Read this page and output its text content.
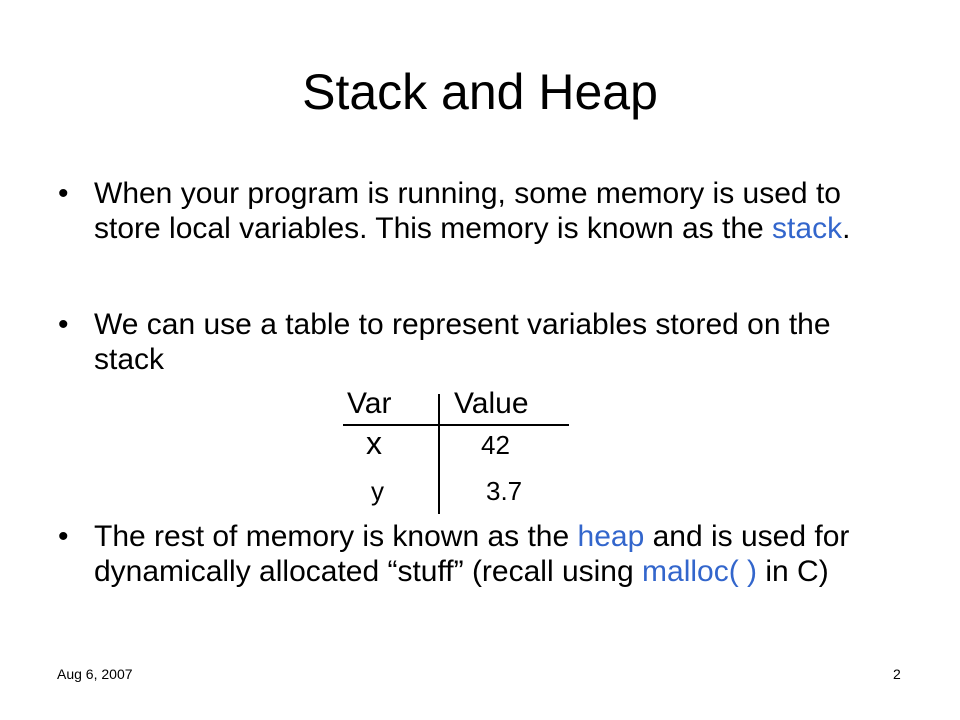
Stack and Heap
• When your program is running, some memory is used to store local variables. This memory is known as the stack.
• We can use a table to represent variables stored on the stack
Var Value
x	42
y	3.7
• The rest of memory is known as the heap and is used for dynamically allocated “stuff” (recall using malloc( ) in C)
Aug 6, 2007	2
